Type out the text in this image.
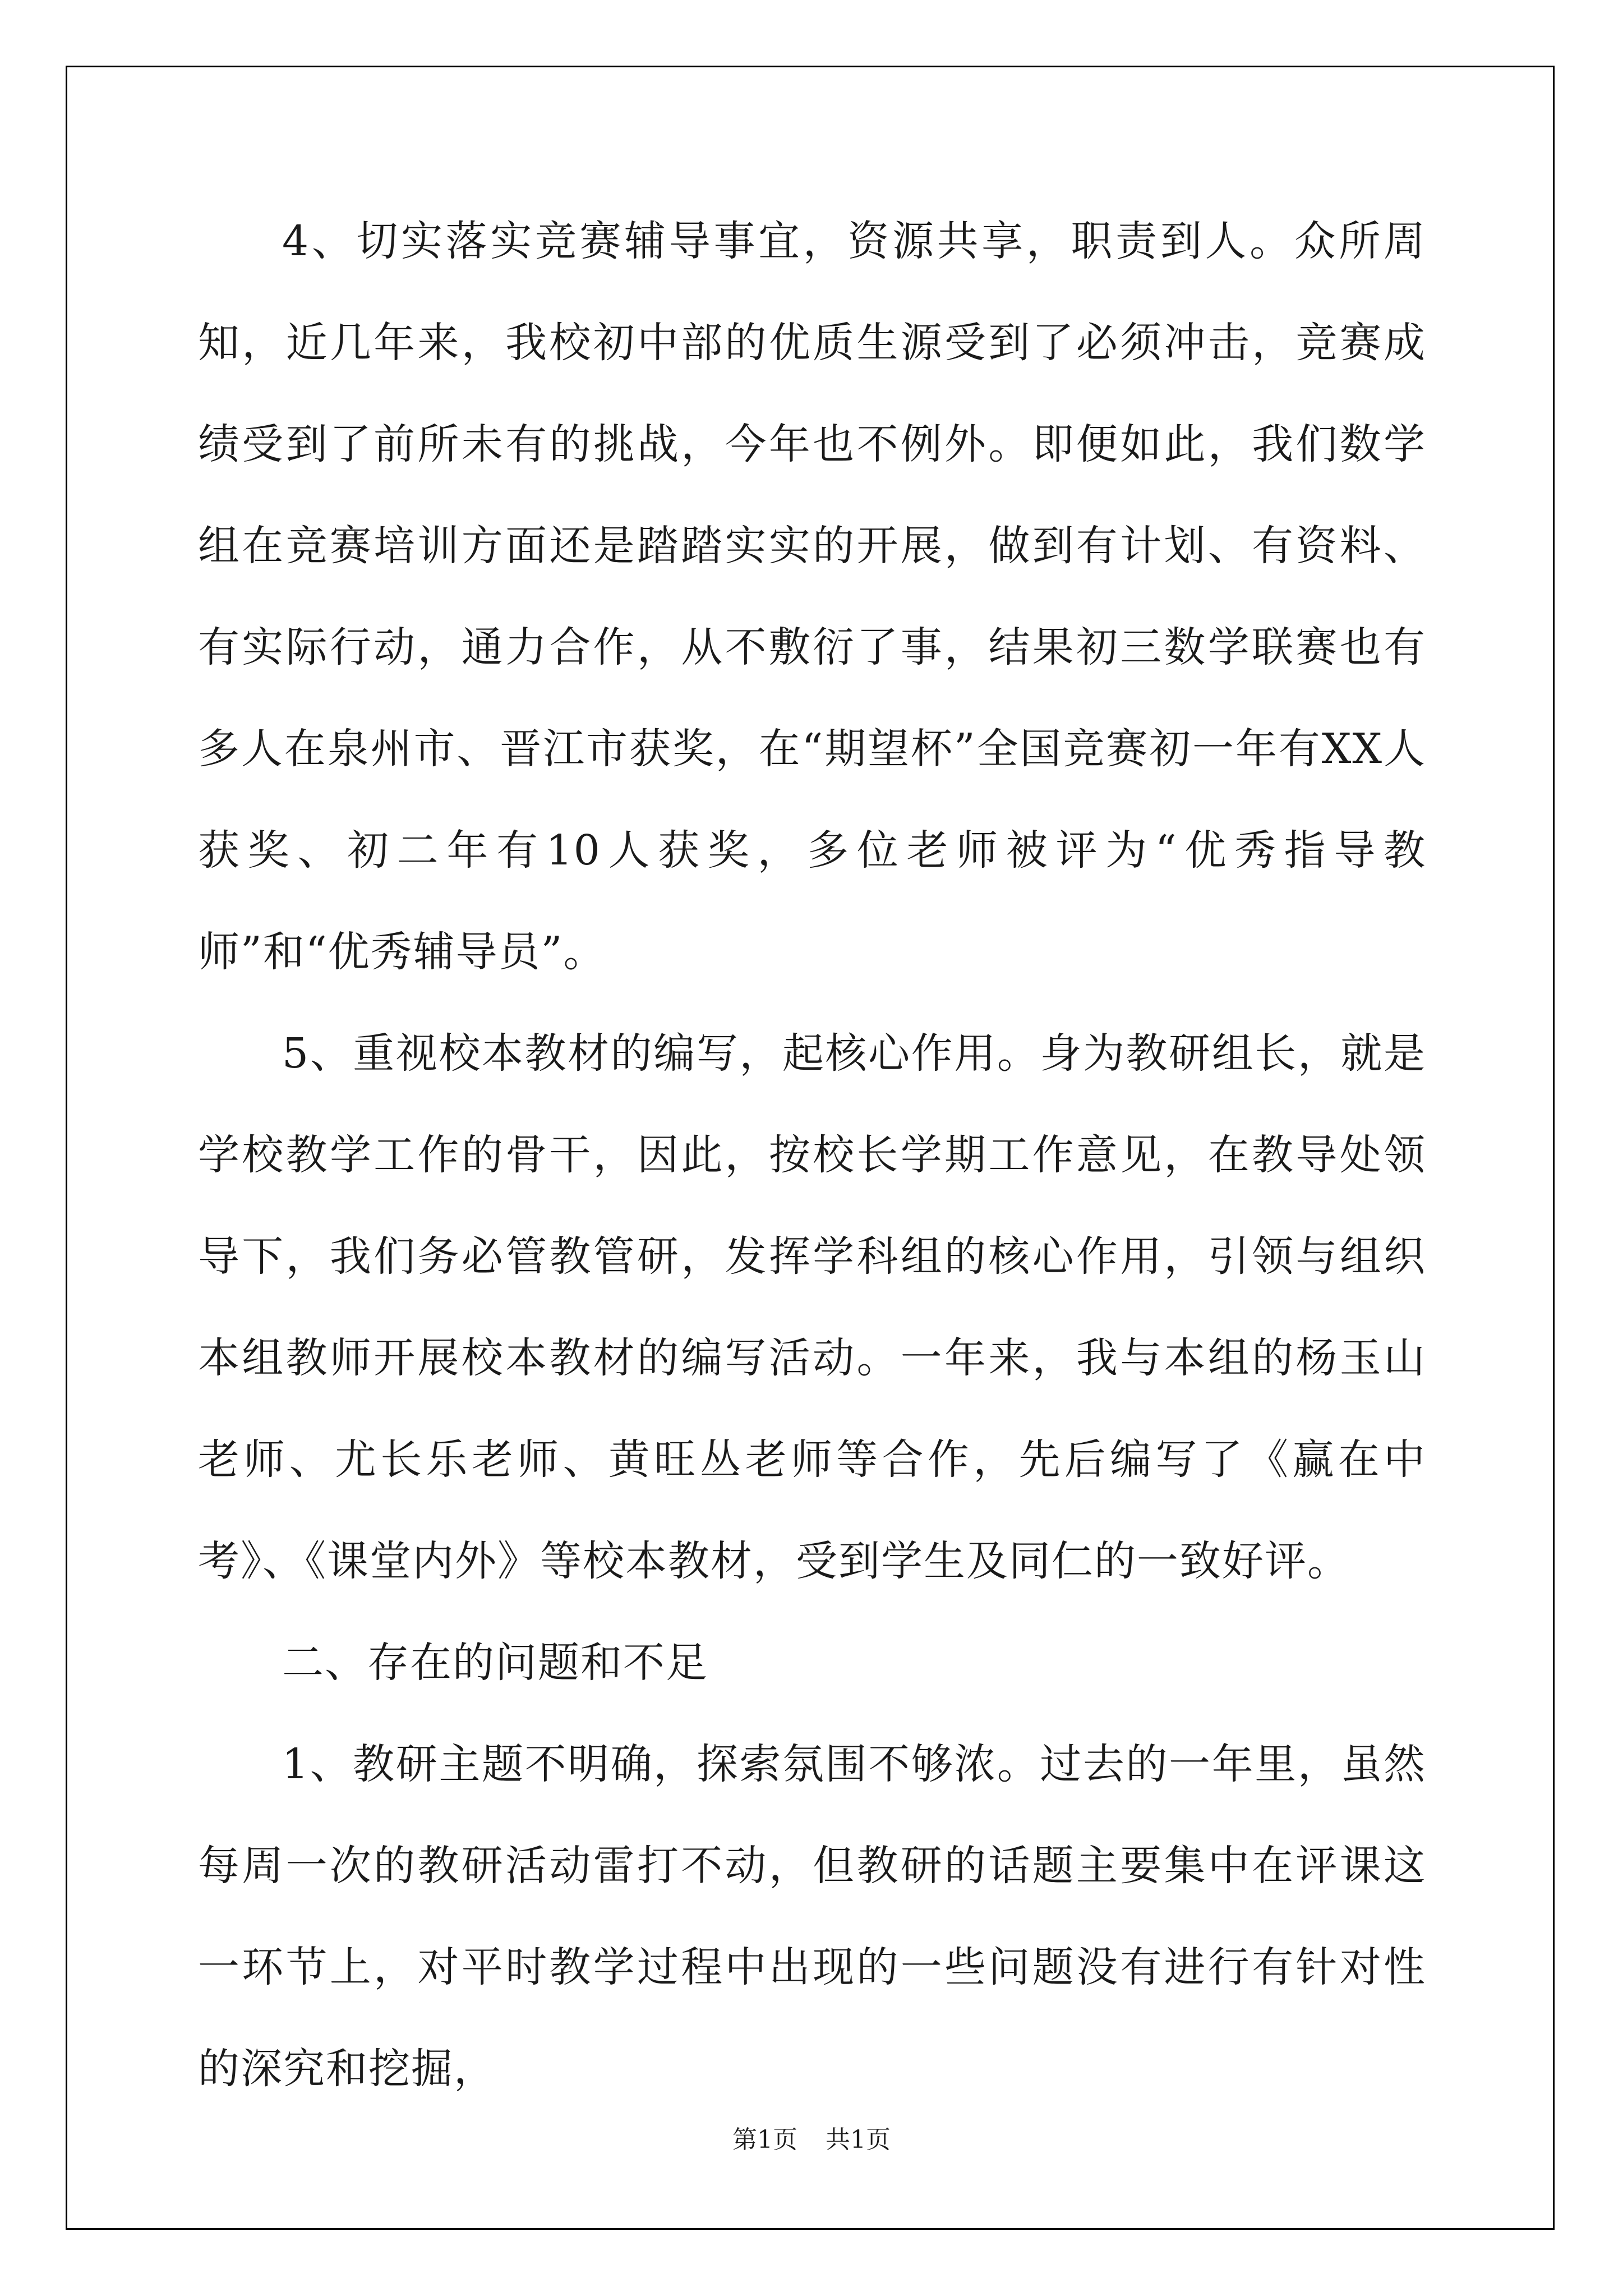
4、切实落实竞赛辅导事宜，资源共享，职责到人。众所周知，近几年来，我校初中部的优质生源受到了必须冲击，竞赛成绩受到了前所未有的挑战，今年也不例外。即便如此，我们数学组在竞赛培训方面还是踏踏实实的开展，做到有计划、有资料、有实际行动，通力合作，从不敷衍了事，结果初三数学联赛也有多人在泉州市、晋江市获奖，在“期望杯”全国竞赛初一年有XX人获奖、初二年有10人获奖，多位老师被评为“优秀指导教师”和“优秀辅导员”。

5、重视校本教材的编写，起核心作用。身为教研组长，就是学校教学工作的骨干，因此，按校长学期工作意见，在教导处领导下，我们务必管教管研，发挥学科组的核心作用，引领与组织本组教师开展校本教材的编写活动。一年来，我与本组的杨玉山老师、尤长乐老师、黄旺丛老师等合作，先后编写了《赢在中考》、《课堂内外》等校本教材，受到学生及同仁的一致好评。

二、存在的问题和不足

1、教研主题不明确，探索氛围不够浓。过去的一年里，虽然每周一次的教研活动雷打不动，但教研的话题主要集中在评课这一环节上，对平时教学过程中出现的一些问题没有进行有针对性的深究和挖掘，

第1页 共1页
